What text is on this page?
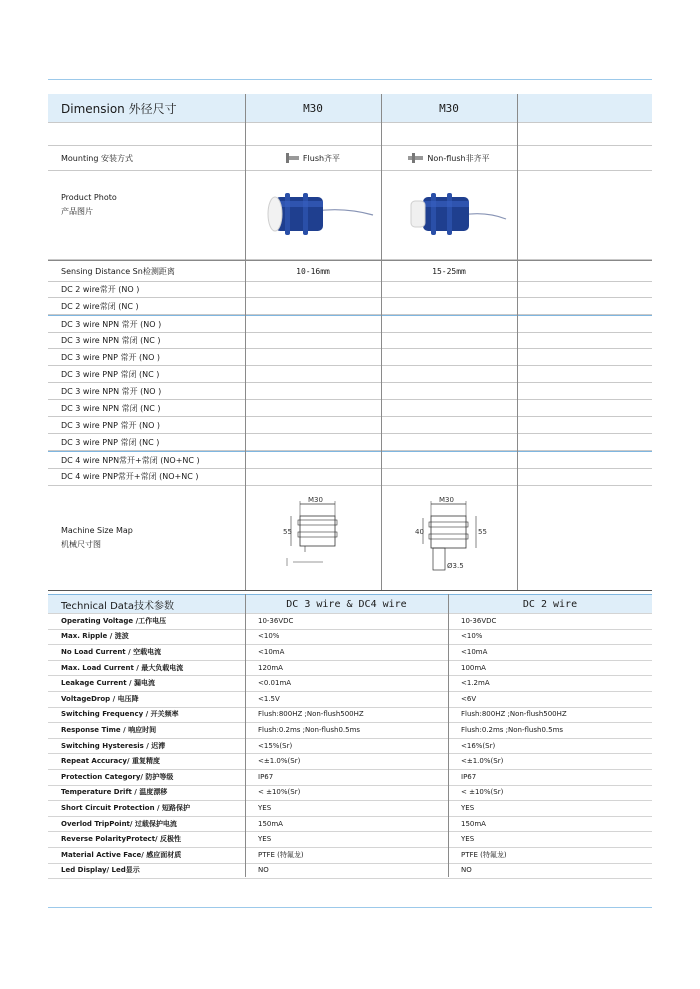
Dimension 外径尺寸	M30	M30
Mounting 安装方式	Flush齐平	Non-flush非齐平
Product Photo
产品图片
Sensing Distance Sn检测距离	10-16mm	15-25mm
DC 2 wire常开 (NO )
DC 2 wire常闭 (NC )
DC 3 wire NPN 常开 (NO )
DC 3 wire NPN 常闭 (NC )
DC 3 wire PNP 常开 (NO )
DC 3 wire PNP 常闭 (NC )
DC 3 wire NPN 常开 (NO )
DC 3 wire NPN 常闭 (NC )
DC 3 wire PNP 常开 (NO )
DC 3 wire PNP 常闭 (NC )
DC 4 wire NPN常开+常闭 (NO+NC )
DC 4 wire PNP常开+常闭 (NO+NC )
Machine Size Map
机械尺寸图
M30
55
M30
40	55
Ø3.5
Technical Data技术参数	DC 3 wire & DC4 wire	DC 2 wire
Operating Voltage /工作电压	10-36VDC	10-36VDC
Max. Ripple / 涟波	<10%	<10%
No Load Current / 空载电流	<10mA	<10mA
Max. Load Current / 最大负载电流	120mA	100mA
Leakage Current / 漏电流	<0.01mA	<1.2mA
VoltageDrop / 电压降	<1.5V	<6V
Switching Frequency / 开关频率	Flush:800HZ ;Non-flush500HZ	Flush:800HZ ;Non-flush500HZ
Response Time / 响应时间	Flush:0.2ms ;Non-flush0.5ms	Flush:0.2ms ;Non-flush0.5ms
Switching Hysteresis / 迟滞	<15%(Sr)	<16%(Sr)
Repeat Accuracy/ 重复精度	<±1.0%(Sr)	<±1.0%(Sr)
Protection Category/ 防护等级	IP67	IP67
Temperature Drift / 温度漂移	< ±10%(Sr)	< ±10%(Sr)
Short Circuit Protection / 短路保护	YES	YES
Overlod TripPoint/ 过载保护电流	150mA	150mA
Reverse PolarityProtect/ 反极性	YES	YES
Material Active Face/ 感应面材质	PTFE (特氟龙)	PTFE (特氟龙)
Led Display/ Led显示	NO	NO
